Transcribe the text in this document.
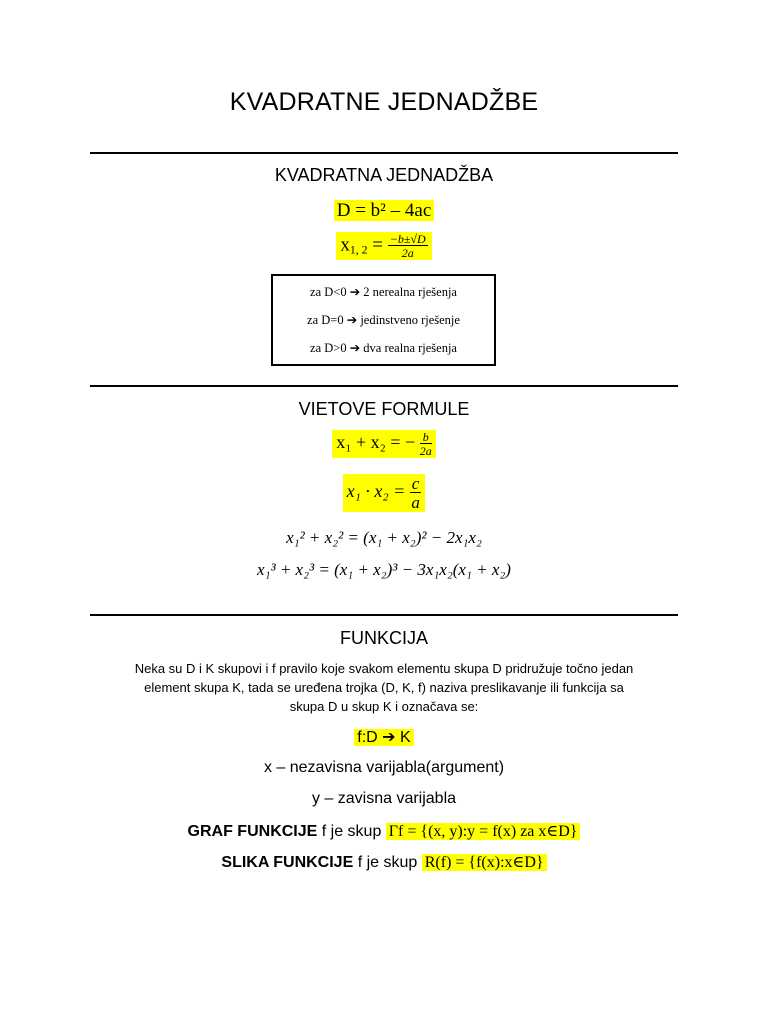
KVADRATNE JEDNADŽBE
KVADRATNA JEDNADŽBA
D = b² – 4ac
$x_{1, 2} = \frac{-b\pm√D}{2a}$
za D<0 ➔ 2 nerealna rješenja
za D=0 ➔ jedinstveno rješenje
za D>0 ➔ dva realna rješenja
VIETOVE FORMULE
x₁ + x₂ = − $\frac{b}{2a}$
$x_1 \cdot x_2 = \frac{c}{a}$
x₁² + x₂² = (x₁ + x₂)² − 2x₁x₂
x₁³ + x₂³ = (x₁ + x₂)³ − 3x₁x₂(x₁ + x₂)
FUNKCIJA
Neka su D i K skupovi i f pravilo koje svakom elementu skupa D pridružuje točno jedan
element skupa K, tada se uređena trojka (D, K, f) naziva preslikavanje ili funkcija sa
skupa D u skup K i označava se:
f:D ➔ K
x – nezavisna varijabla(argument)
y – zavisna varijabla
GRAF FUNKCIJE f je skup Γf = {(x, y):y = f(x) za x∈D}
SLIKA FUNKCIJE f je skup R(f) = {f(x):x∈D}
